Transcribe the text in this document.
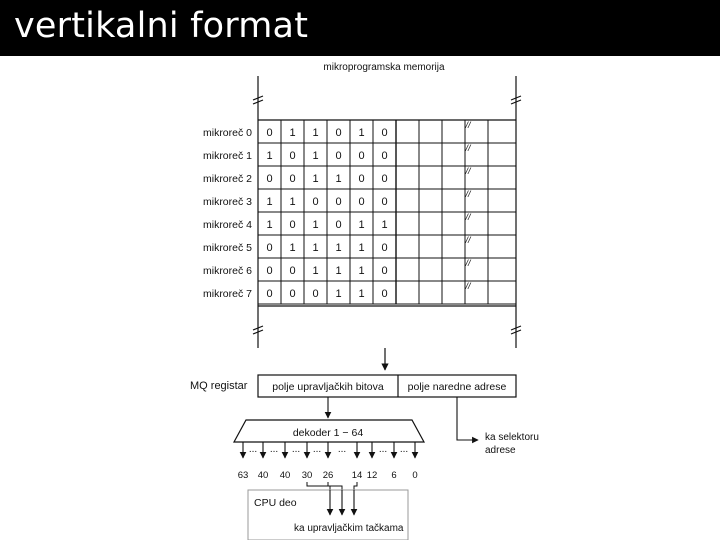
vertikalni format
mikroprogramska memorija
mikroreč 0 0 1 1 0 1 0
//
mikroreč 1 1 0 1 0 0 0
//
mikroreč 2 0 0 1 1 0 0
//
mikroreč 3 1 1 0 0 0 0
//
mikroreč 4 1 0 1 0 1 1
//
mikroreč 5 0 1 1 1 1 0
//
mikroreč 6 0 0 1 1 1 0
//
mikroreč 7 0 0 0 1 1 0
//
MQ registar polje upravljačkih bitova polje naredne adrese
ka selektoru
adrese
dekoder 1 − 64
63 40 40 30 26 14 12 6 0
... ... ... ... ...	... ...
CPU deo
ka upravljačkim tačkama
